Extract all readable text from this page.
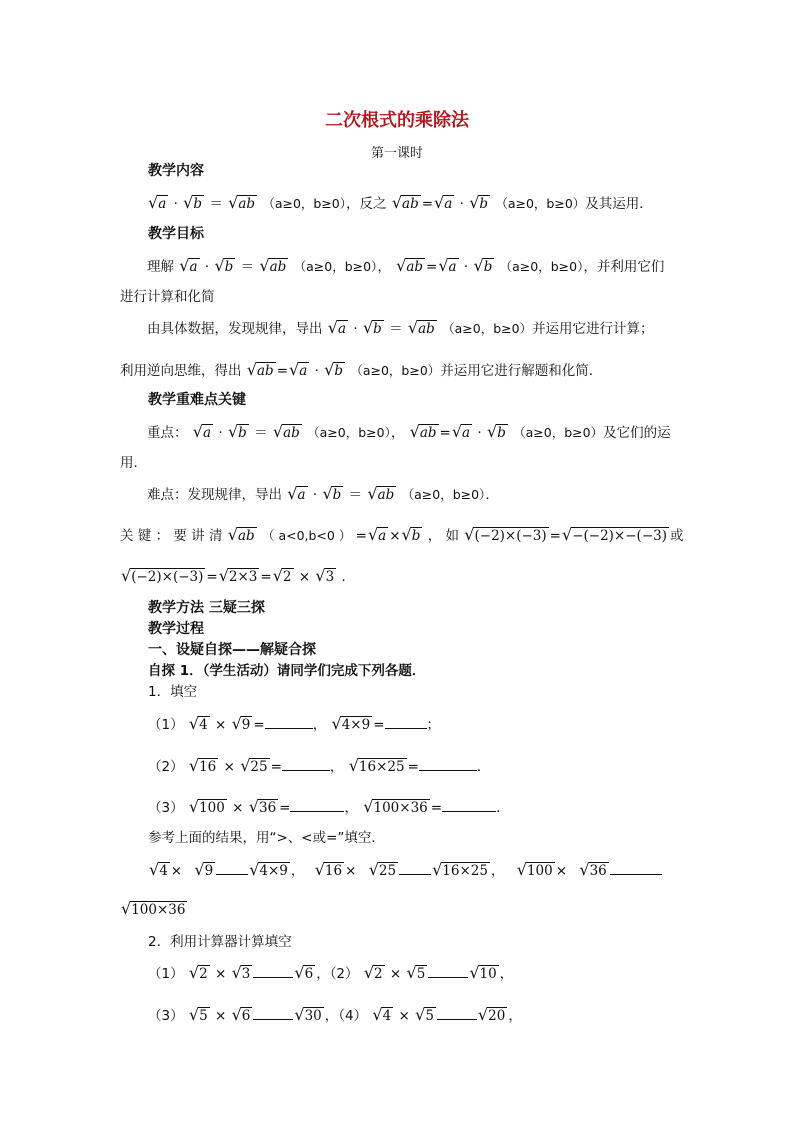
二次根式的乘除法
第一课时
教学内容
√a · √b ＝ √ab （a≥0，b≥0），反之 √ab =√a · √b （a≥0，b≥0）及其运用．
教学目标
理解 √a · √b ＝ √ab （a≥0，b≥0）， √ab =√a · √b （a≥0，b≥0），并利用它们
进行计算和化简
由具体数据，发现规律，导出 √a · √b ＝ √ab （a≥0，b≥0）并运用它进行计算；
利用逆向思维，得出 √ab =√a · √b （a≥0，b≥0）并运用它进行解题和化简．
教学重难点关键
重点： √a · √b ＝ √ab （a≥0，b≥0）， √ab =√a · √b （a≥0，b≥0）及它们的运
用．
难点：发现规律，导出 √a · √b ＝ √ab （a≥0，b≥0）．
关 键 ： 要 讲 清 √ab （ a<0,b<0 ） =√a ×√b ， 如 √(−2)×(−3) =√−(−2)×−(−3) 或
√(−2)×(−3) =√2×3 =√2 × √3 ．
教学方法 三疑三探
教学过程
一、设疑自探——解疑合探
自探 1．（学生活动）请同学们完成下列各题．
1．填空
（1） √4 × √9 =	， √4×9 =	；
（2） √16 × √25 =	， √16×25 =	．
（3） √100 × √36 =	， √100×36 =	．
参考上面的结果，用“>、<或=”填空．
√4 × √9 √4×9 ， √16 × √25 √16×25 ， √100 × √36
√100×36
2．利用计算器计算填空
（1） √2 × √3	√6 ，（2） √2 × √5	√10 ，
（3） √5 × √6	√30 ，（4） √4 × √5	√20 ，
